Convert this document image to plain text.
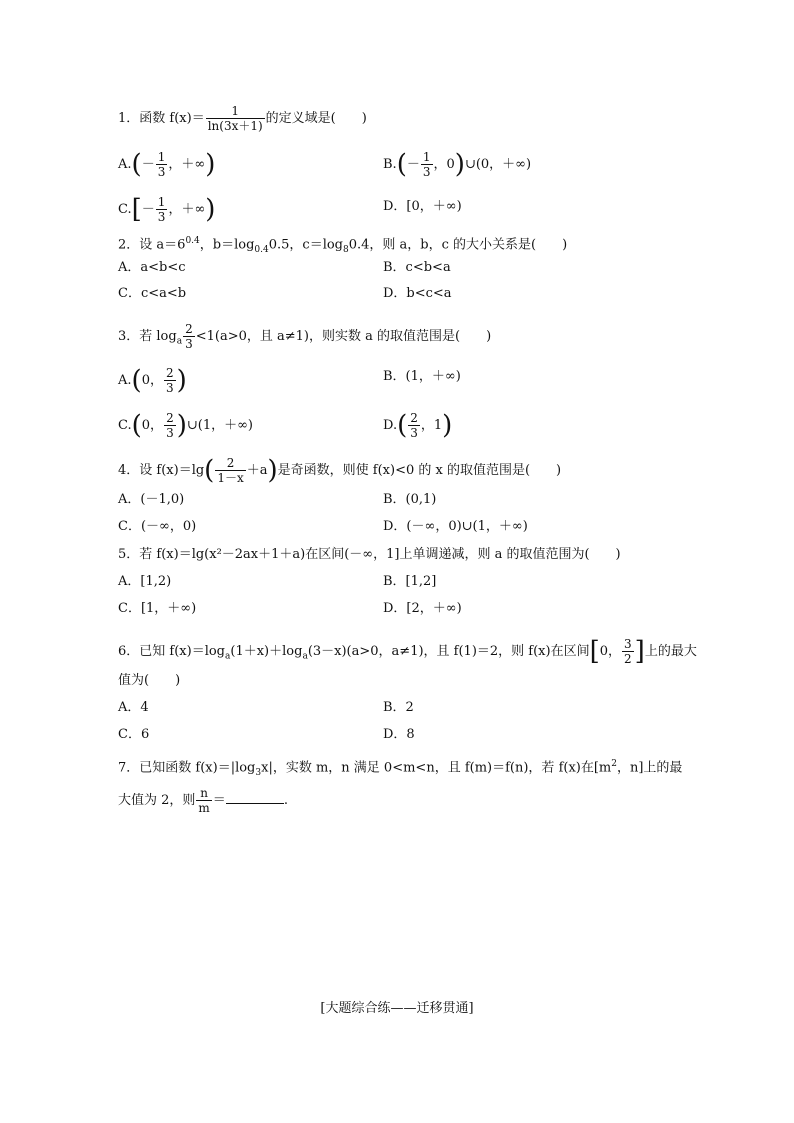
1．函数 $f(x)= \frac{1}{\ln(3x+1)}$ 的定义域是(　　)
$A.(- \frac{1}{3}$ ，＋∞)	$B.(- \frac{1}{3}$ ，0)∪(0，＋∞)
$C.[- \frac{1}{3}$ ，＋∞)	D．[0，＋∞)
2．设 $a=6^{0.4}$，$b=\log_{0.4}0.5$，$c=\log_80.4$，则 a，b，c 的大小关系是(　　)
A．a<b<c	B．c<b<a
C．c<a<b	D．b<c<a
3．若 $\log_a \frac{2}{3} <1(a>0$，且 a≠1)，则实数 a 的取值范围是(　　)
A.(0， $\frac{2}{3}$ )	B．(1，＋∞)
C.(0， $\frac{2}{3}$ )∪(1，＋∞)	$D.( \frac{2}{3}$ ，1)
4．设 $f(x)=\lg( \frac{2}{1-x} +a)$是奇函数，则使 f(x)<0 的 x 的取值范围是(　　)
A．(－1,0)	B．(0,1)
C．(－∞，0)	D．(－∞，0)∪(1，＋∞)
5．若 f(x)＝lg(x²－2ax＋1＋a)在区间(－∞，1]上单调递减，则 a 的取值范围为(　　)
A．[1,2)	B．[1,2]
C．[1，＋∞)	D．[2，＋∞)
6．已知 $f(x)=\log_a(1+x)+\log_a(3-x)(a>0$，a≠1)，且 f(1)＝2，则 f(x)在区间[0， $\frac{3}{2}$ ]上的最大
值为(　　)
A．4	B．2
C．6	D．8
7．已知函数 $f(x)=|\log_3x|$，实数 m，n 满足 0<m<n，且 f(m)＝f(n)，若 f(x)在[$m^2$，n]上的最
大值为 2，则 $\frac{n}{m}$ ＝	.
[大题综合练——迁移贯通]
